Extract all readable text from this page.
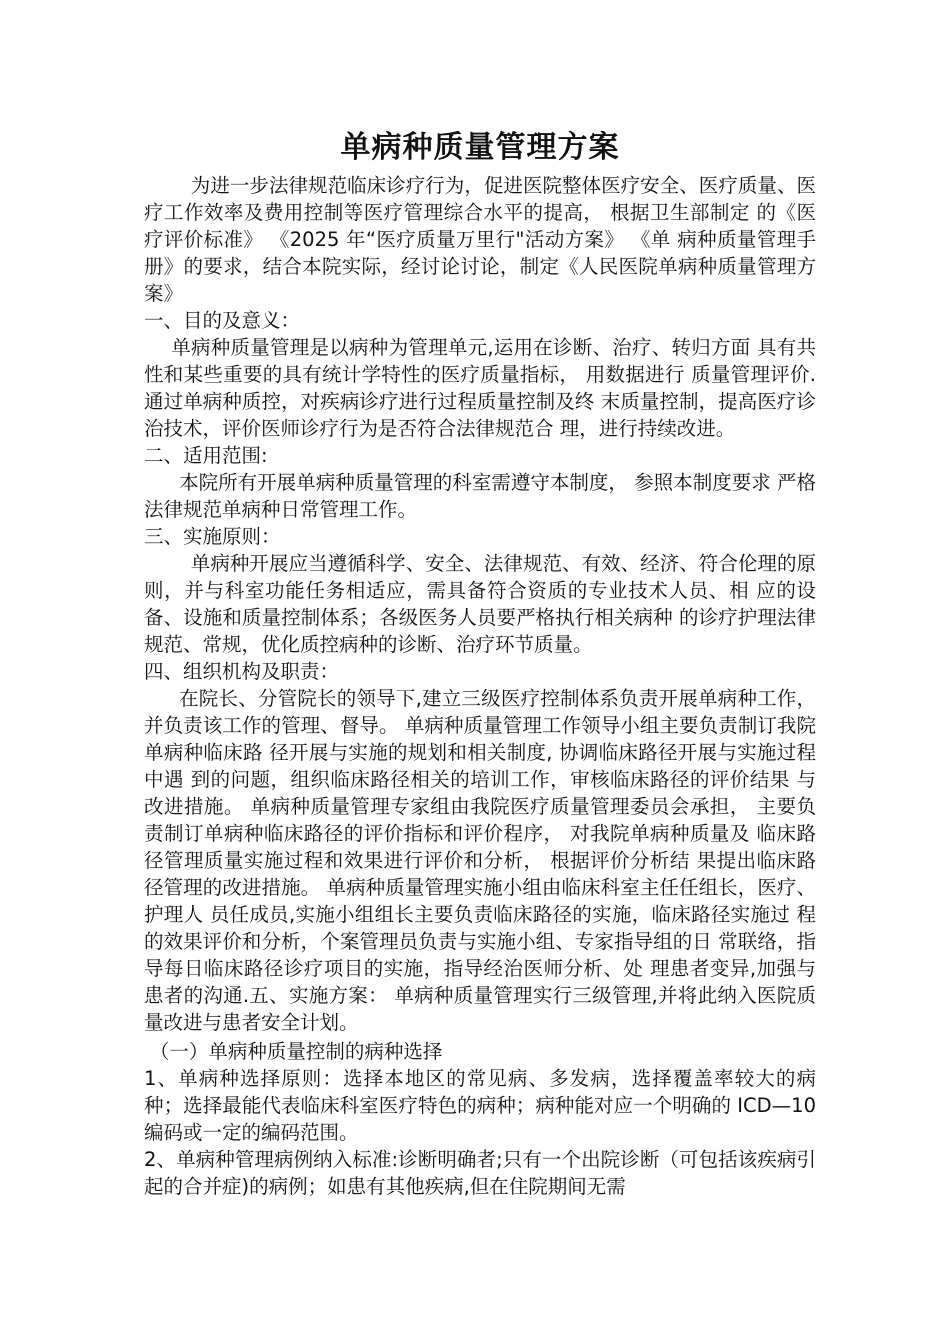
单病种质量管理方案

为进一步法律规范临床诊疗行为，促进医院整体医疗安全、医疗质量、医 疗工作效率及费用控制等医疗管理综合水平的提高， 根据卫生部制定 的《医疗评价标准》 《2025 年“医疗质量万里行"活动方案》 《单 病种质量管理手册》的要求，结合本院实际，经讨论讨论，制定《人民医院单病种质量管理方案》

一、目的及意义：

单病种质量管理是以病种为管理单元,运用在诊断、治疗、转归方面 具有共性和某些重要的具有统计学特性的医疗质量指标， 用数据进行 质量管理评价.通过单病种质控，对疾病诊疗进行过程质量控制及终 末质量控制，提高医疗诊治技术，评价医师诊疗行为是否符合法律规范合 理，进行持续改进。

二、适用范围:

本院所有开展单病种质量管理的科室需遵守本制度， 参照本制度要求 严格法律规范单病种日常管理工作。

三、实施原则：

单病种开展应当遵循科学、安全、法律规范、有效、经济、符合伦理的原 则，并与科室功能任务相适应，需具备符合资质的专业技术人员、相 应的设备、设施和质量控制体系；各级医务人员要严格执行相关病种 的诊疗护理法律规范、常规，优化质控病种的诊断、治疗环节质量。

四、组织机构及职责：

在院长、分管院长的领导下,建立三级医疗控制体系负责开展单病种工作，并负责该工作的管理、督导。 单病种质量管理工作领导小组主要负责制订我院单病种临床路 径开展与实施的规划和相关制度, 协调临床路径开展与实施过程中遇 到的问题，组织临床路径相关的培训工作，审核临床路径的评价结果 与改进措施。 单病种质量管理专家组由我院医疗质量管理委员会承担， 主要负 责制订单病种临床路径的评价指标和评价程序， 对我院单病种质量及 临床路径管理质量实施过程和效果进行评价和分析， 根据评价分析结 果提出临床路径管理的改进措施。 单病种质量管理实施小组由临床科室主任任组长，医疗、护理人 员任成员,实施小组组长主要负责临床路径的实施，临床路径实施过 程的效果评价和分析，个案管理员负责与实施小组、专家指导组的日 常联络，指导每日临床路径诊疗项目的实施，指导经治医师分析、处 理患者变异,加强与患者的沟通.五、实施方案： 单病种质量管理实行三级管理,并将此纳入医院质量改进与患者安全计划。

（一）单病种质量控制的病种选择

1、单病种选择原则：选择本地区的常见病、多发病，选择覆盖率较大的病种；选择最能代表临床科室医疗特色的病种；病种能对应一个明确的 ICD—10 编码或一定的编码范围。

2、单病种管理病例纳入标准:诊断明确者;只有一个出院诊断（可包括该疾病引起的合并症)的病例；如患有其他疾病,但在住院期间无需
